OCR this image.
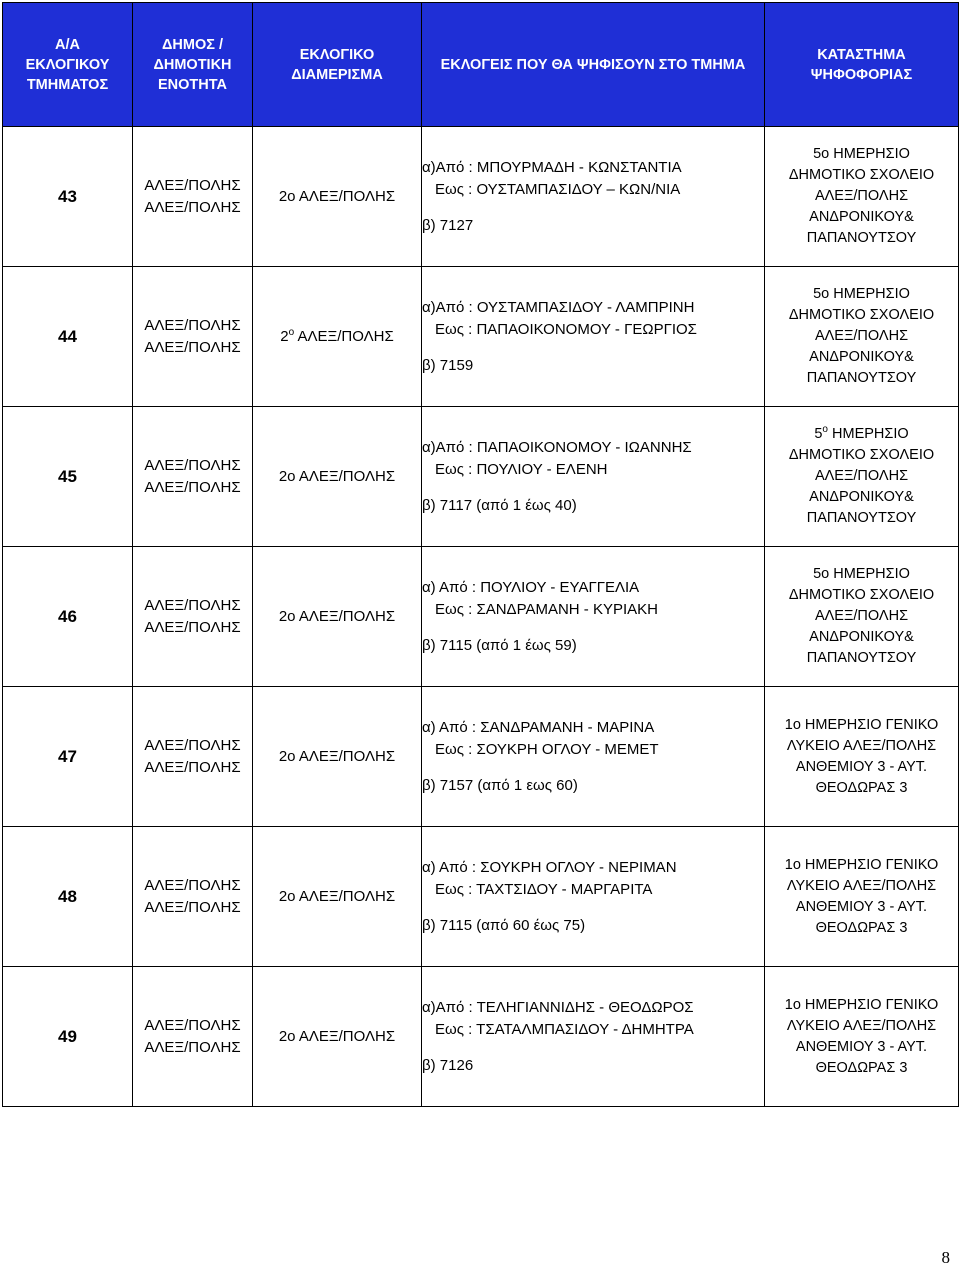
Α/Α
ΕΚΛΟΓΙΚΟΥ
ΤΜΗΜΑΤΟΣ	ΔΗΜΟΣ /
ΔΗΜΟΤΙΚΗ
ΕΝΟΤΗΤΑ	ΕΚΛΟΓΙΚΟ
ΔΙΑΜΕΡΙΣΜΑ	ΕΚΛΟΓΕΙΣ ΠΟΥ ΘΑ ΨΗΦΙΣΟΥΝ ΣΤΟ ΤΜΗΜΑ	ΚΑΤΑΣΤΗΜΑ
ΨΗΦΟΦΟΡΙΑΣ

43	ΑΛΕΞ/ΠΟΛΗΣ
ΑΛΕΞ/ΠΟΛΗΣ	2ο ΑΛΕΞ/ΠΟΛΗΣ	α)Από : ΜΠΟΥΡΜΑΔΗ - ΚΩΝΣΤΑΝΤΙΑ
Εως : ΟΥΣΤΑΜΠΑΣΙΔΟΥ – ΚΩΝ/ΝΙΑ
β) 7127	5ο ΗΜΕΡΗΣΙΟ
ΔΗΜΟΤΙΚΟ ΣΧΟΛΕΙΟ
ΑΛΕΞ/ΠΟΛΗΣ
ΑΝΔΡΟΝΙΚΟΥ&
ΠΑΠΑΝΟΥΤΣΟΥ

44	ΑΛΕΞ/ΠΟΛΗΣ
ΑΛΕΞ/ΠΟΛΗΣ	$2^o$ ΑΛΕΞ/ΠΟΛΗΣ	α)Από : ΟΥΣΤΑΜΠΑΣΙΔΟΥ - ΛΑΜΠΡΙΝΗ
Εως : ΠΑΠΑΟΙΚΟΝΟΜΟΥ - ΓΕΩΡΓΙΟΣ
β) 7159	5ο ΗΜΕΡΗΣΙΟ
ΔΗΜΟΤΙΚΟ ΣΧΟΛΕΙΟ
ΑΛΕΞ/ΠΟΛΗΣ
ΑΝΔΡΟΝΙΚΟΥ&
ΠΑΠΑΝΟΥΤΣΟΥ

45	ΑΛΕΞ/ΠΟΛΗΣ
ΑΛΕΞ/ΠΟΛΗΣ	2ο ΑΛΕΞ/ΠΟΛΗΣ	α)Από : ΠΑΠΑΟΙΚΟΝΟΜΟΥ - ΙΩΑΝΝΗΣ
Εως : ΠΟΥΛΙΟΥ - ΕΛΕΝΗ
β) 7117 (από 1 έως 40)	$5^o$ ΗΜΕΡΗΣΙΟ
ΔΗΜΟΤΙΚΟ ΣΧΟΛΕΙΟ
ΑΛΕΞ/ΠΟΛΗΣ
ΑΝΔΡΟΝΙΚΟΥ&
ΠΑΠΑΝΟΥΤΣΟΥ

46	ΑΛΕΞ/ΠΟΛΗΣ
ΑΛΕΞ/ΠΟΛΗΣ	2ο ΑΛΕΞ/ΠΟΛΗΣ	α) Από : ΠΟΥΛΙΟΥ - ΕΥΑΓΓΕΛΙΑ
Εως : ΣΑΝΔΡΑΜΑΝΗ - ΚΥΡΙΑΚΗ
β) 7115 (από 1 έως 59)	5ο ΗΜΕΡΗΣΙΟ
ΔΗΜΟΤΙΚΟ ΣΧΟΛΕΙΟ
ΑΛΕΞ/ΠΟΛΗΣ
ΑΝΔΡΟΝΙΚΟΥ&
ΠΑΠΑΝΟΥΤΣΟΥ

47	ΑΛΕΞ/ΠΟΛΗΣ
ΑΛΕΞ/ΠΟΛΗΣ	2ο ΑΛΕΞ/ΠΟΛΗΣ	α) Από : ΣΑΝΔΡΑΜΑΝΗ - ΜΑΡΙΝΑ
Εως : ΣΟΥΚΡΗ ΟΓΛΟΥ - ΜΕΜΕΤ
β) 7157 (από 1 εως 60)	1ο ΗΜΕΡΗΣΙΟ ΓΕΝΙΚΟ
ΛΥΚΕΙΟ ΑΛΕΞ/ΠΟΛΗΣ
ΑΝΘΕΜΙΟΥ 3 - ΑΥΤ.
ΘΕΟΔΩΡΑΣ 3

48	ΑΛΕΞ/ΠΟΛΗΣ
ΑΛΕΞ/ΠΟΛΗΣ	2ο ΑΛΕΞ/ΠΟΛΗΣ	α) Από : ΣΟΥΚΡΗ ΟΓΛΟΥ - ΝΕΡΙΜΑΝ
Εως : ΤΑΧΤΣΙΔΟΥ - ΜΑΡΓΑΡΙΤΑ
β) 7115 (από 60 έως 75)	1ο ΗΜΕΡΗΣΙΟ ΓΕΝΙΚΟ
ΛΥΚΕΙΟ ΑΛΕΞ/ΠΟΛΗΣ
ΑΝΘΕΜΙΟΥ 3 - ΑΥΤ.
ΘΕΟΔΩΡΑΣ 3

49	ΑΛΕΞ/ΠΟΛΗΣ
ΑΛΕΞ/ΠΟΛΗΣ	2ο ΑΛΕΞ/ΠΟΛΗΣ	α)Από : ΤΕΛΗΓΙΑΝΝΙΔΗΣ - ΘΕΟΔΩΡΟΣ
Εως : ΤΣΑΤΑΛΜΠΑΣΙΔΟΥ - ΔΗΜΗΤΡΑ
β) 7126	1ο ΗΜΕΡΗΣΙΟ ΓΕΝΙΚΟ
ΛΥΚΕΙΟ ΑΛΕΞ/ΠΟΛΗΣ
ΑΝΘΕΜΙΟΥ 3 - ΑΥΤ.
ΘΕΟΔΩΡΑΣ 3
8
